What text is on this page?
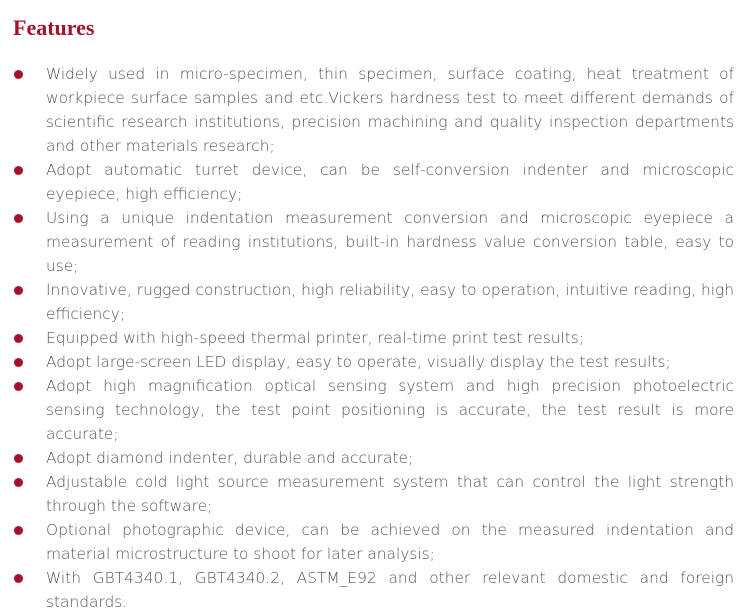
Features
Widely used in micro-specimen, thin specimen, surface coating, heat treatment of workpiece surface samples and etc.Vickers hardness test to meet different demands of scientific research institutions, precision machining and quality inspection departments and other materials research;
Adopt automatic turret device, can be self-conversion indenter and microscopic eyepiece, high efficiency;
Using a unique indentation measurement conversion and microscopic eyepiece a measurement of reading institutions, built-in hardness value conversion table, easy to use;
Innovative, rugged construction, high reliability, easy to operation, intuitive reading, high efficiency;
Equipped with high-speed thermal printer, real-time print test results;
Adopt large-screen LED display, easy to operate, visually display the test results;
Adopt high magnification optical sensing system and high precision photoelectric sensing technology, the test point positioning is accurate, the test result is more accurate;
Adopt diamond indenter, durable and accurate;
Adjustable cold light source measurement system that can control the light strength through the software;
Optional photographic device, can be achieved on the measured indentation and material microstructure to shoot for later analysis;
With GBT4340.1, GBT4340.2, ASTM_E92 and other relevant domestic and foreign standards.
